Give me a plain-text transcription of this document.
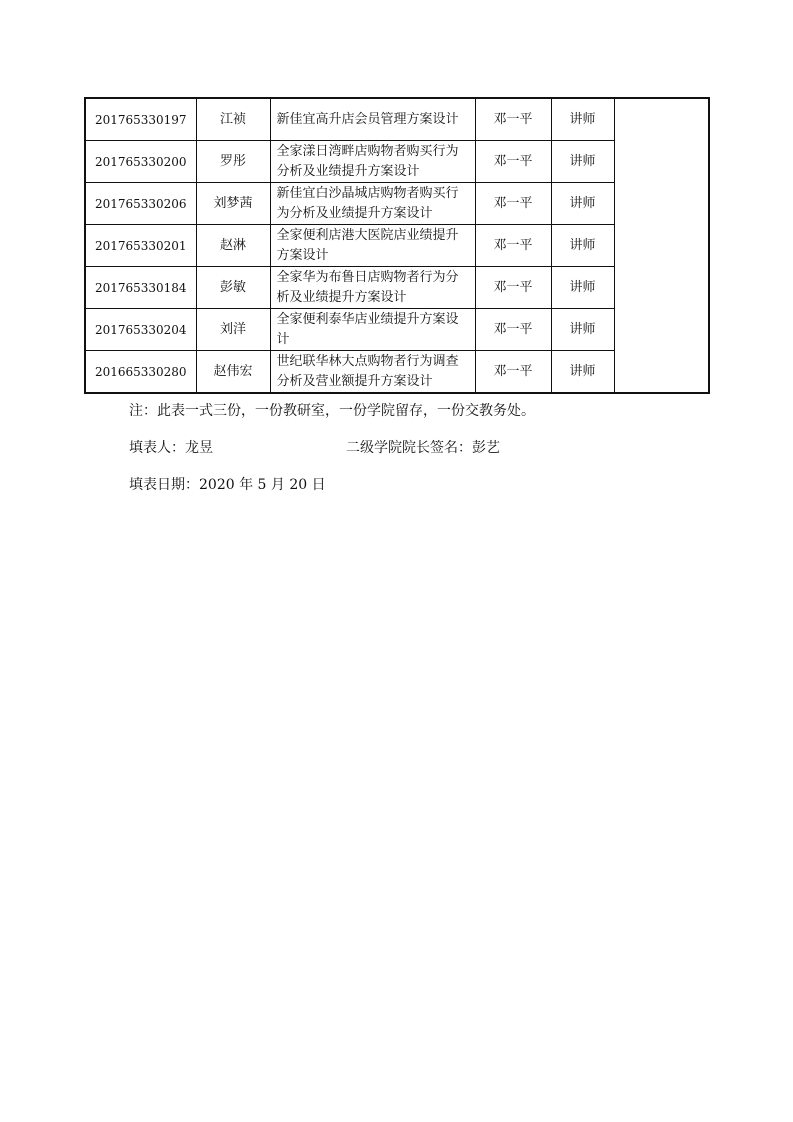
201765330197	江祯	新佳宜高升店会员管理方案设计	邓一平	讲师	
201765330200	罗彤	全家漾日湾畔店购物者购买行为分析及业绩提升方案设计	邓一平	讲师	
201765330206	刘梦茜	新佳宜白沙晶城店购物者购买行为分析及业绩提升方案设计	邓一平	讲师	
201765330201	赵淋	全家便利店港大医院店业绩提升方案设计	邓一平	讲师	
201765330184	彭敏	全家华为布鲁日店购物者行为分析及业绩提升方案设计	邓一平	讲师	
201765330204	刘洋	全家便利泰华店业绩提升方案设计	邓一平	讲师	
201665330280	赵伟宏	世纪联华林大点购物者行为调查分析及营业额提升方案设计	邓一平	讲师	
注：此表一式三份，一份教研室，一份学院留存，一份交教务处。
填表人：龙昱	二级学院院长签名：彭艺
填表日期：2020 年 5 月 20 日
